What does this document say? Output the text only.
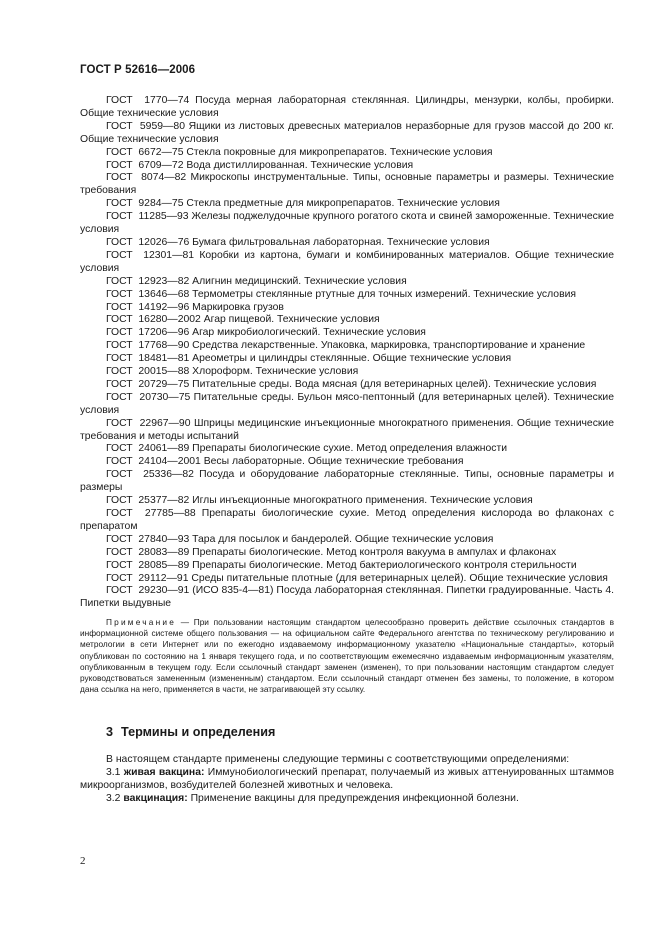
ГОСТ Р 52616—2006

ГОСТ  1770—74 Посуда мерная лабораторная стеклянная. Цилиндры, мензурки, колбы, пробирки. Общие технические условия

ГОСТ  5959—80 Ящики из листовых древесных материалов неразборные для грузов массой до 200 кг. Общие технические условия

ГОСТ  6672—75 Стекла покровные для микропрепаратов. Технические условия

ГОСТ  6709—72 Вода дистиллированная. Технические условия

ГОСТ  8074—82 Микроскопы инструментальные. Типы, основные параметры и размеры. Технические требования

ГОСТ  9284—75 Стекла предметные для микропрепаратов. Технические условия

ГОСТ  11285—93 Железы поджелудочные крупного рогатого скота и свиней замороженные. Технические условия

ГОСТ  12026—76 Бумага фильтровальная лабораторная. Технические условия

ГОСТ  12301—81 Коробки из картона, бумаги и комбинированных материалов. Общие технические условия

ГОСТ  12923—82 Алигнин медицинский. Технические условия

ГОСТ  13646—68 Термометры стеклянные ртутные для точных измерений. Технические условия

ГОСТ  14192—96 Маркировка грузов

ГОСТ  16280—2002 Агар пищевой. Технические условия

ГОСТ  17206—96 Агар микробиологический. Технические условия

ГОСТ  17768—90 Средства лекарственные. Упаковка, маркировка, транспортирование и хранение

ГОСТ  18481—81 Ареометры и цилиндры стеклянные. Общие технические условия

ГОСТ  20015—88 Хлороформ. Технические условия

ГОСТ  20729—75 Питательные среды. Вода мясная (для ветеринарных целей). Технические условия

ГОСТ  20730—75 Питательные среды. Бульон мясо-пептонный (для ветеринарных целей). Технические условия

ГОСТ  22967—90 Шприцы медицинские инъекционные многократного применения. Общие технические требования и методы испытаний

ГОСТ  24061—89 Препараты биологические сухие. Метод определения влажности

ГОСТ  24104—2001 Весы лабораторные. Общие технические требования

ГОСТ  25336—82 Посуда и оборудование лабораторные стеклянные. Типы, основные параметры и размеры

ГОСТ  25377—82 Иглы инъекционные многократного применения. Технические условия

ГОСТ  27785—88 Препараты биологические сухие. Метод определения кислорода во флаконах с препаратом

ГОСТ  27840—93 Тара для посылок и бандеролей. Общие технические условия

ГОСТ  28083—89 Препараты биологические. Метод контроля вакуума в ампулах и флаконах

ГОСТ  28085—89 Препараты биологические. Метод бактериологического контроля стерильности

ГОСТ  29112—91 Среды питательные плотные (для ветеринарных целей). Общие технические условия

ГОСТ  29230—91 (ИСО 835-4—81) Посуда лабораторная стеклянная. Пипетки градуированные. Часть 4. Пипетки выдувные

Примечание — При пользовании настоящим стандартом целесообразно проверить действие ссылочных стандартов в информационной системе общего пользования — на официальном сайте Федерального агентства по техническому регулированию и метрологии в сети Интернет или по ежегодно издаваемому информационному указателю «Национальные стандарты», который опубликован по состоянию на 1 января текущего года, и по соответствующим ежемесячно издаваемым информационным указателям, опубликованным в текущем году. Если ссылочный стандарт заменен (изменен), то при пользовании настоящим стандартом следует руководствоваться замененным (измененным) стандартом. Если ссылочный стандарт отменен без замены, то положение, в котором дана ссылка на него, применяется в части, не затрагивающей эту ссылку.
3 Термины и определения

В настоящем стандарте применены следующие термины с соответствующими определениями:

3.1 живая вакцина: Иммунобиологический препарат, получаемый из живых аттенуированных штаммов микроорганизмов, возбудителей болезней животных и человека.

3.2 вакцинация: Применение вакцины для предупреждения инфекционной болезни.

2
